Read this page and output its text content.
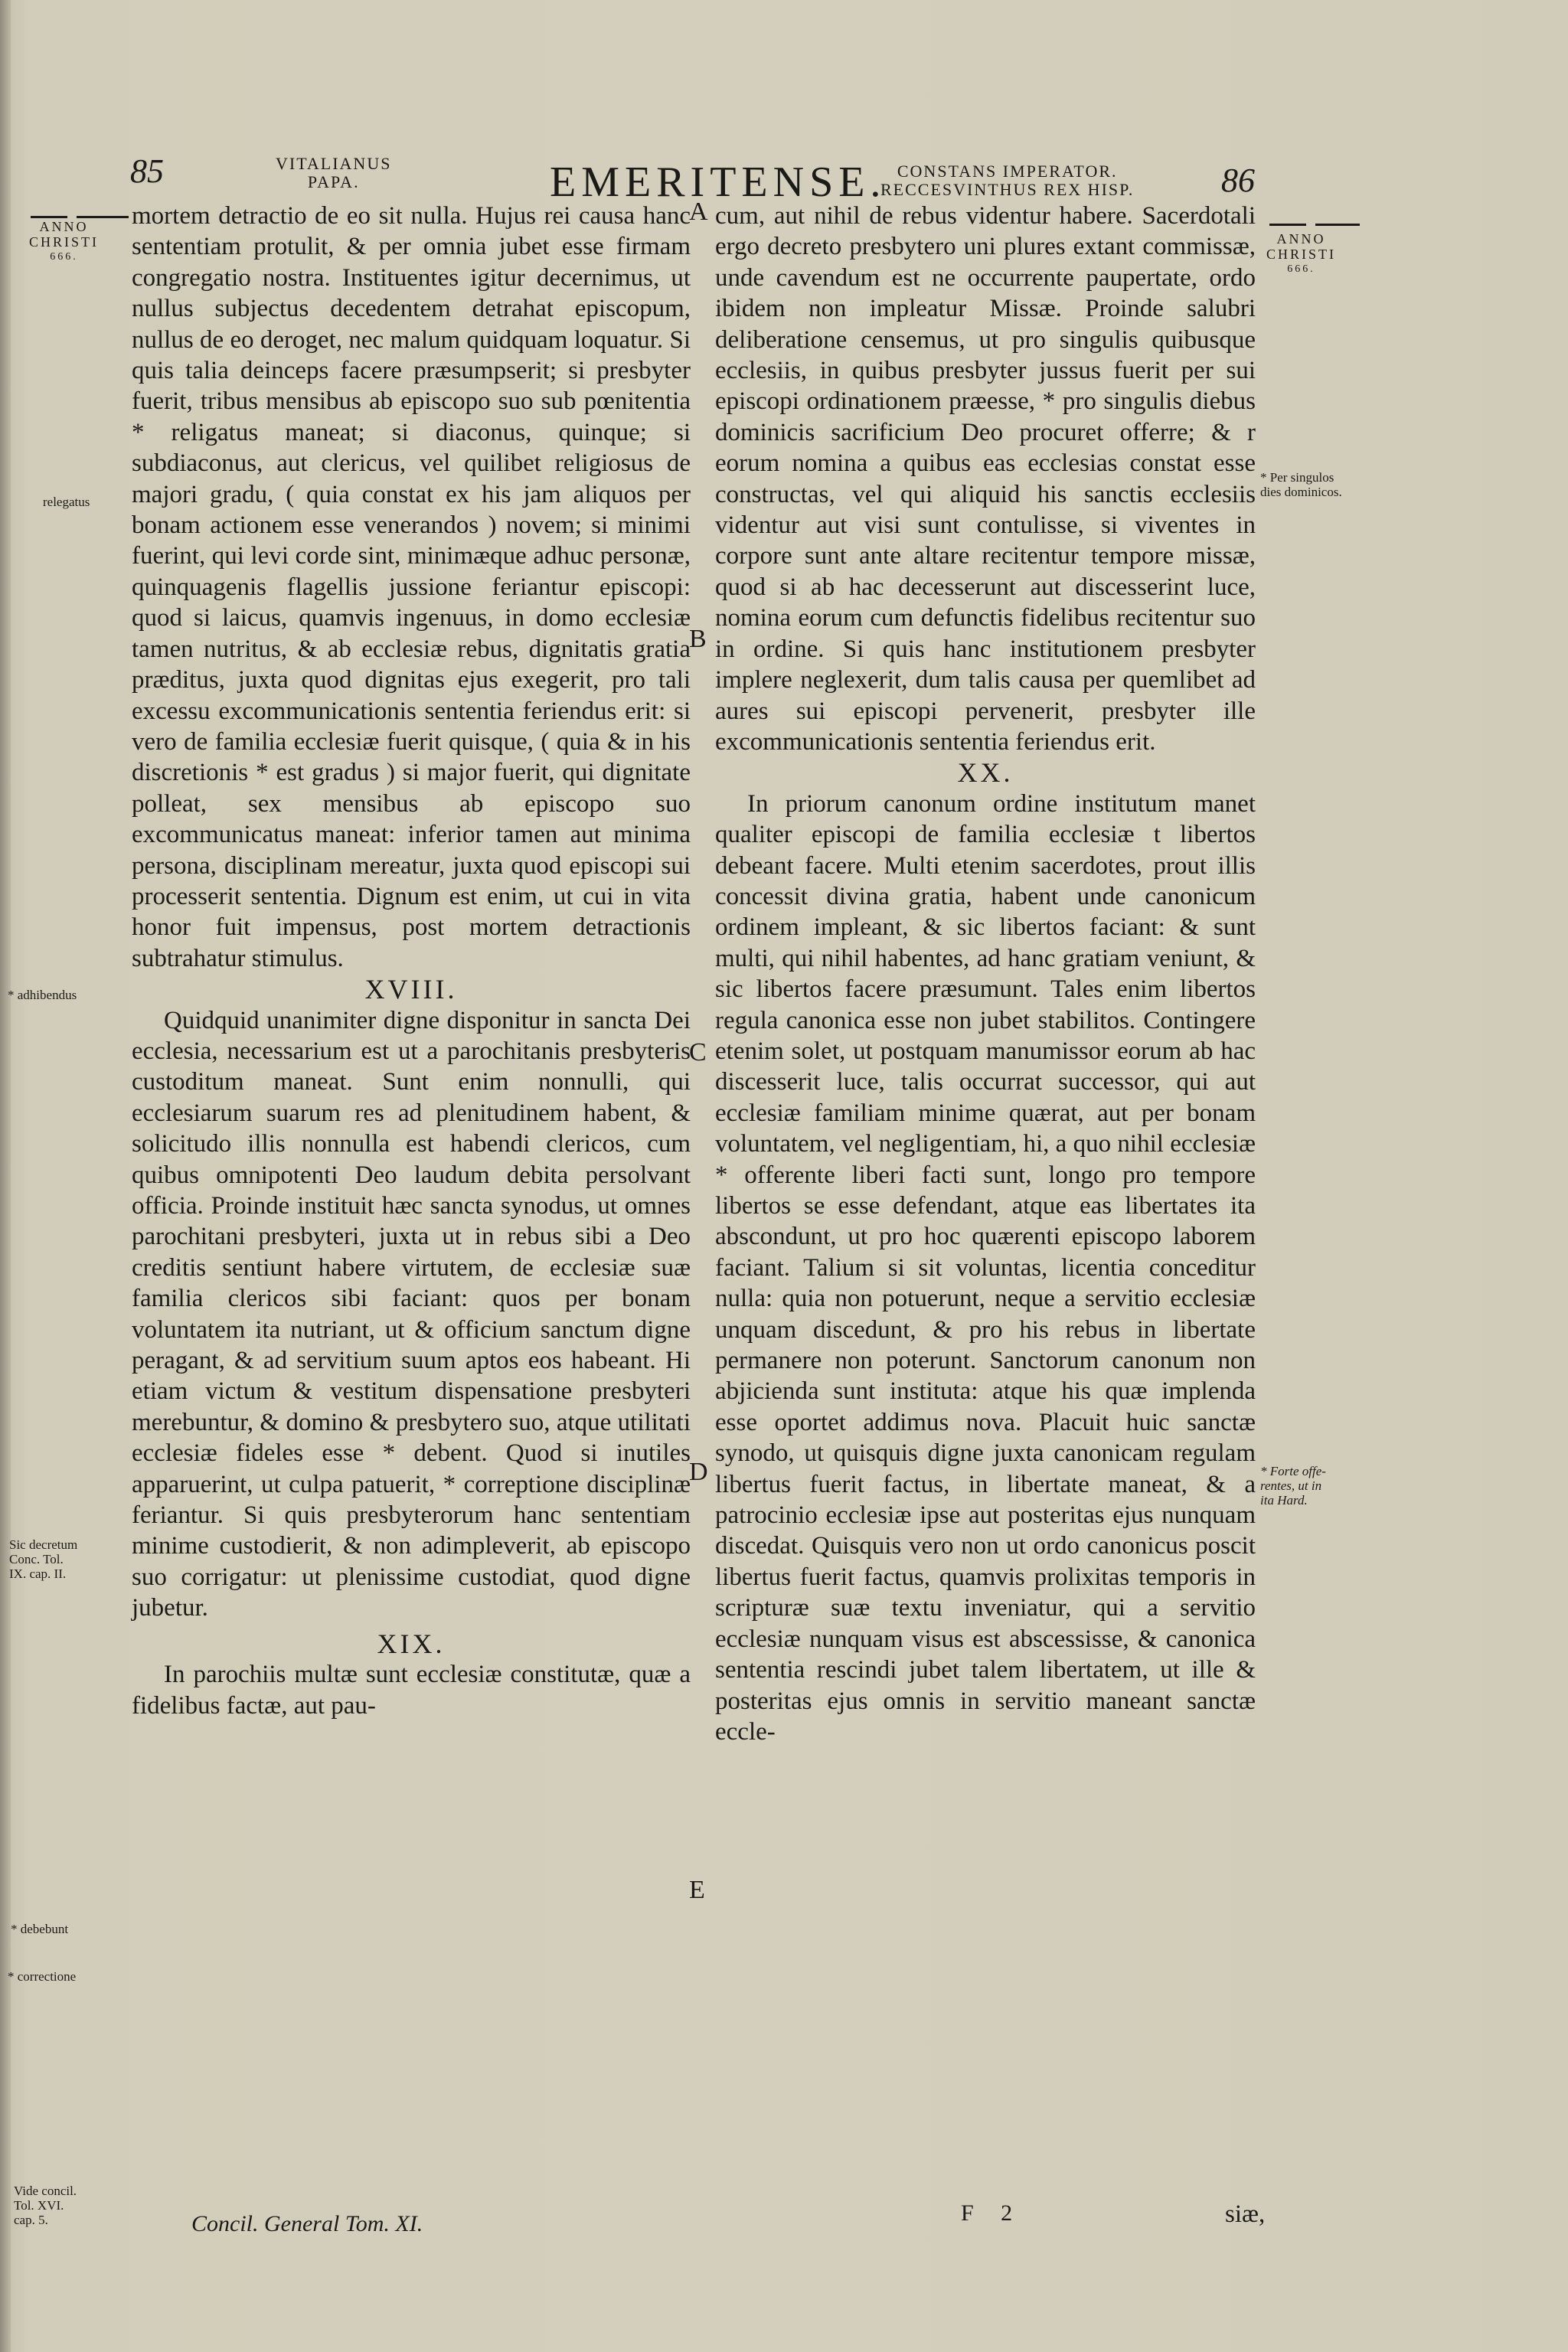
85	VITALIANUS
PAPA.	EMERITENSE. CONSTANS IMPERATOR.
RECCESVINTHUS REX HISP.	86
ANNO
CHRISTI
666.
relegatus
* adhibendus
Sic decretum
Conc. Tol.
IX. cap. II.
* debebunt
* correctione
Vide concil.
Tol. XVI.
cap. 5.
ANNO
CHRISTI
666.
* Per singulos
dies dominicos.
* Forte offe-
rentes, ut in
ita Hard.
A
B
C
D
E

mortem detractio de eo sit nulla. Hujus rei causa hanc sententiam protulit, & per omnia jubet esse firmam congregatio nostra. Instituentes igitur decernimus, ut nullus subjectus decedentem detrahat episcopum, nullus de eo deroget, nec malum quidquam loquatur. Si quis talia deinceps facere præsumpserit; si presbyter fuerit, tribus mensibus ab episcopo suo sub pœnitentia * religatus maneat; si diaconus, quinque; si subdiaconus, aut clericus, vel quilibet religiosus de majori gradu, ( quia constat ex his jam aliquos per bonam actionem esse venerandos ) novem; si minimi fuerint, qui levi corde sint, minimæque adhuc personæ, quinquagenis flagellis jussione feriantur episcopi: quod si laicus, quamvis ingenuus, in domo ecclesiæ tamen nutritus, & ab ecclesiæ rebus, dignitatis gratia præditus, juxta quod dignitas ejus exegerit, pro tali excessu excommunicationis sententia feriendus erit: si vero de familia ecclesiæ fuerit quisque, ( quia & in his discretionis * est gradus ) si major fuerit, qui dignitate polleat, sex mensibus ab episcopo suo excommunicatus maneat: inferior tamen aut minima persona, disciplinam mereatur, juxta quod episcopi sui processerit sententia. Dignum est enim, ut cui in vita honor fuit impensus, post mortem detractionis subtrahatur stimulus.

XVIII.

Quidquid unanimiter digne disponitur in sancta Dei ecclesia, necessarium est ut a parochitanis presbyteris custoditum maneat. Sunt enim nonnulli, qui ecclesiarum suarum res ad plenitudinem habent, & solicitudo illis nonnulla est habendi clericos, cum quibus omnipotenti Deo laudum debita persolvant officia. Proinde instituit hæc sancta synodus, ut omnes parochitani presbyteri, juxta ut in rebus sibi a Deo creditis sentiunt habere virtutem, de ecclesiæ suæ familia clericos sibi faciant: quos per bonam voluntatem ita nutriant, ut & officium sanctum digne peragant, & ad servitium suum aptos eos habeant. Hi etiam victum & vestitum dispensatione presbyteri merebuntur, & domino & presbytero suo, atque utilitati ecclesiæ fideles esse * debent. Quod si inutiles apparuerint, ut culpa patuerit, * correptione disciplinæ feriantur. Si quis presbyterorum hanc sententiam minime custodierit, & non adimpleverit, ab episcopo suo corrigatur: ut plenissime custodiat, quod digne jubetur.

XIX.

In parochiis multæ sunt ecclesiæ constitutæ, quæ a fidelibus factæ, aut pau-

cum, aut nihil de rebus videntur habere. Sacerdotali ergo decreto presbytero uni plures extant commissæ, unde cavendum est ne occurrente paupertate, ordo ibidem non impleatur Missæ. Proinde salubri deliberatione censemus, ut pro singulis quibusque ecclesiis, in quibus presbyter jussus fuerit per sui episcopi ordinationem præesse, * pro singulis diebus dominicis sacrificium Deo procuret offerre; & r eorum nomina a quibus eas ecclesias constat esse constructas, vel qui aliquid his sanctis ecclesiis videntur aut visi sunt contulisse, si viventes in corpore sunt ante altare recitentur tempore missæ, quod si ab hac decesserunt aut discesserint luce, nomina eorum cum defunctis fidelibus recitentur suo in ordine. Si quis hanc institutionem presbyter implere neglexerit, dum talis causa per quemlibet ad aures sui episcopi pervenerit, presbyter ille excommunicationis sententia feriendus erit.

XX.

In priorum canonum ordine institutum manet qualiter episcopi de familia ecclesiæ t libertos debeant facere. Multi etenim sacerdotes, prout illis concessit divina gratia, habent unde canonicum ordinem impleant, & sic libertos faciant: & sunt multi, qui nihil habentes, ad hanc gratiam veniunt, & sic libertos facere præsumunt. Tales enim libertos regula canonica esse non jubet stabilitos. Contingere etenim solet, ut postquam manumissor eorum ab hac discesserit luce, talis occurrat successor, qui aut ecclesiæ familiam minime quærat, aut per bonam voluntatem, vel negligentiam, hi, a quo nihil ecclesiæ * offerente liberi facti sunt, longo pro tempore libertos se esse defendant, atque eas libertates ita abscondunt, ut pro hoc quærenti episcopo laborem faciant. Talium si sit voluntas, licentia conceditur nulla: quia non potuerunt, neque a servitio ecclesiæ unquam discedunt, & pro his rebus in libertate permanere non poterunt. Sanctorum canonum non abjicienda sunt instituta: atque his quæ implenda esse oportet addimus nova. Placuit huic sanctæ synodo, ut quisquis digne juxta canonicam regulam libertus fuerit factus, in libertate maneat, & a patrocinio ecclesiæ ipse aut posteritas ejus nunquam discedat. Quisquis vero non ut ordo canonicus poscit libertus fuerit factus, quamvis prolixitas temporis in scripturæ suæ textu inveniatur, qui a servitio ecclesiæ nunquam visus est abscessisse, & canonica sententia rescindi jubet talem libertatem, ut ille & posteritas ejus omnis in servitio maneant sanctæ eccle-

Concil. General Tom. XI.	F 2	siæ,
